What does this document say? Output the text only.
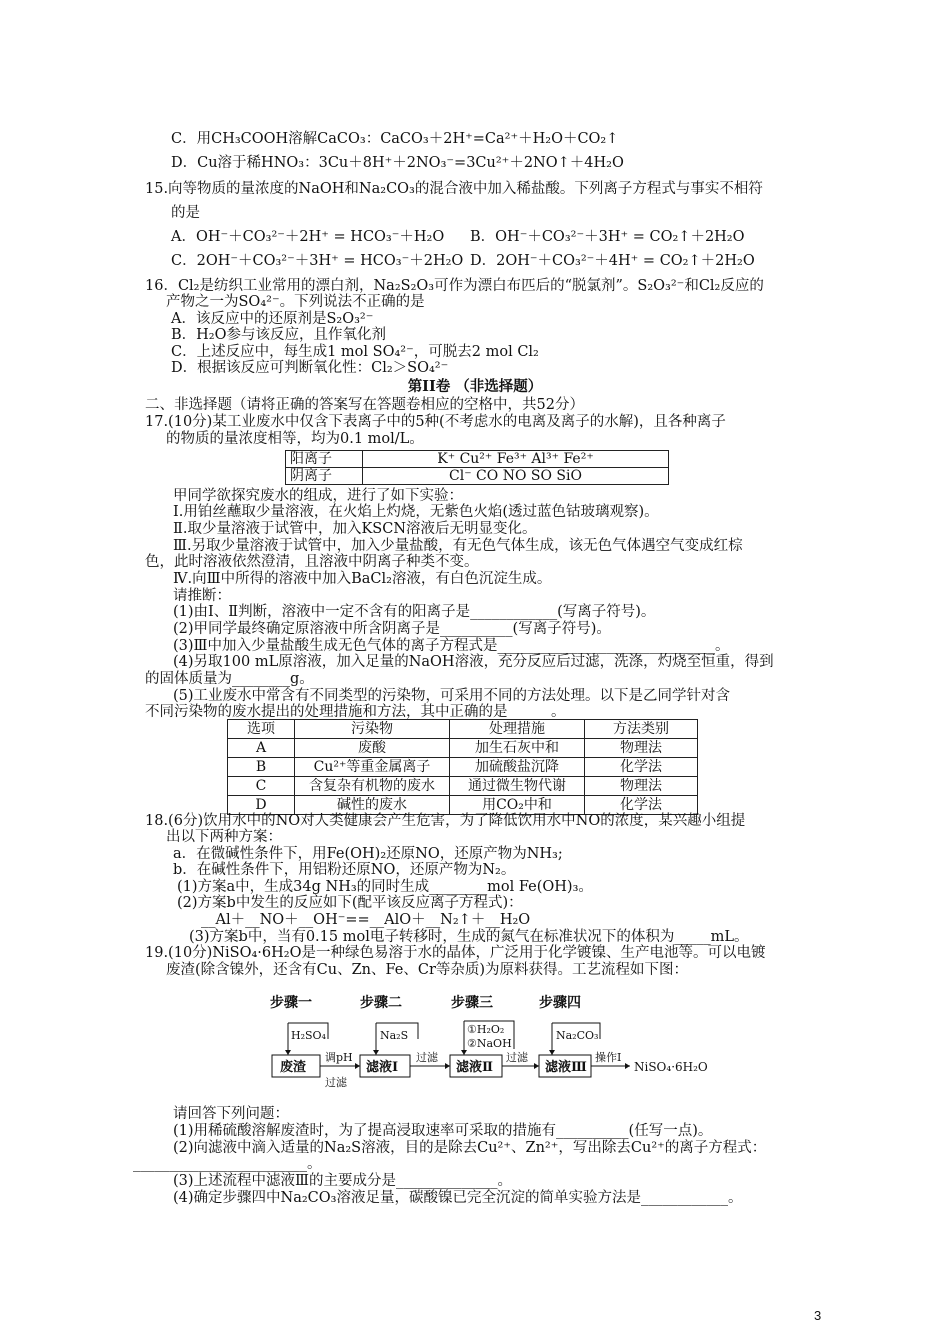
C．用CH₃COOH溶解CaCO₃：CaCO₃＋2H⁺=Ca²⁺＋H₂O＋CO₂↑
D．Cu溶于稀HNO₃：3Cu＋8H⁺＋2NO₃⁻=3Cu²⁺＋2NO↑＋4H₂O
15.向等物质的量浓度的NaOH和Na₂CO₃的混合液中加入稀盐酸。下列离子方程式与事实不相符
的是
A．OH⁻＋CO₃²⁻＋2H⁺ = HCO₃⁻＋H₂O B．OH⁻＋CO₃²⁻＋3H⁺ = CO₂↑＋2H₂O
C．2OH⁻＋CO₃²⁻＋3H⁺ = HCO₃⁻＋2H₂O D．2OH⁻＋CO₃²⁻＋4H⁺ = CO₂↑＋2H₂O
16．Cl₂是纺织工业常用的漂白剂，Na₂S₂O₃可作为漂白布匹后的“脱氯剂”。S₂O₃²⁻和Cl₂反应的
产物之一为SO₄²⁻。下列说法不正确的是
A．该反应中的还原剂是S₂O₃²⁻
B．H₂O参与该反应，且作氧化剂
C．上述反应中，每生成1 mol SO₄²⁻，可脱去2 mol Cl₂
D．根据该反应可判断氧化性：Cl₂＞SO₄²⁻
第II卷 （非选择题）
二、非选择题（请将正确的答案写在答题卷相应的空格中，共52分）
17.(10分)某工业废水中仅含下表离子中的5种(不考虑水的电离及离子的水解)，且各种离子
的物质的量浓度相等，均为0.1 mol/L。
阳离子	K⁺ Cu²⁺ Fe³⁺ Al³⁺ Fe²⁺
阴离子	Cl⁻ CO NO SO SiO
甲同学欲探究废水的组成，进行了如下实验：
Ⅰ.用铂丝蘸取少量溶液，在火焰上灼烧，无紫色火焰(透过蓝色钴玻璃观察)。
Ⅱ.取少量溶液于试管中，加入KSCN溶液后无明显变化。
Ⅲ.另取少量溶液于试管中，加入少量盐酸，有无色气体生成，该无色气体遇空气变成红棕
色，此时溶液依然澄清，且溶液中阴离子种类不变。
Ⅳ.向Ⅲ中所得的溶液中加入BaCl₂溶液，有白色沉淀生成。
请推断：
(1)由Ⅰ、Ⅱ判断，溶液中一定不含有的阳离子是____________(写离子符号)。
(2)甲同学最终确定原溶液中所含阴离子是__________(写离子符号)。
(3)Ⅲ中加入少量盐酸生成无色气体的离子方程式是______________________________。
(4)另取100 mL原溶液，加入足量的NaOH溶液，充分反应后过滤，洗涤，灼烧至恒重，得到
的固体质量为________g。
(5)工业废水中常含有不同类型的污染物，可采用不同的方法处理。以下是乙同学针对含
不同污染物的废水提出的处理措施和方法，其中正确的是______。
选项	污染物	处理措施	方法类别
A	废酸	加生石灰中和	物理法
B	Cu²⁺等重金属离子	加硫酸盐沉降	化学法
C	含复杂有机物的废水	通过微生物代谢	物理法
D	碱性的废水	用CO₂中和	化学法
18.(6分)饮用水中的NO对人类健康会产生危害，为了降低饮用水中NO的浓度，某兴趣小组提
出以下两种方案：
a．在微碱性条件下，用Fe(OH)₂还原NO，还原产物为NH₃;
b．在碱性条件下，用铝粉还原NO，还原产物为N₂。
(1)方案a中，生成34g NH₃的同时生成________mol Fe(OH)₃。
(2)方案b中发生的反应如下(配平该反应离子方程式)：
__Al＋__NO＋__OH⁻==__AlO＋__N₂↑＋__H₂O
(3)方案b中，当有0.15 mol电子转移时，生成的氮气在标准状况下的体积为_____mL。
19.(10分)NiSO₄·6H₂O是一种绿色易溶于水的晶体，广泛用于化学镀镍、生产电池等。可以电镀
废渣(除含镍外，还含有Cu、Zn、Fe、Cr等杂质)为原料获得。工艺流程如下图：
步骤一	步骤二	步骤三	步骤四
H₂SO₄	Na₂S	①H₂O₂
②NaOH
Na₂CO₃
调pH
过滤
过滤	过滤	操作Ⅰ
废渣	滤液Ⅰ	滤液Ⅱ	滤液Ⅲ	NiSO₄·6H₂O
请回答下列问题：
(1)用稀硫酸溶解废渣时，为了提高浸取速率可采取的措施有__________(任写一点)。
(2)向滤液中滴入适量的Na₂S溶液，目的是除去Cu²⁺、Zn²⁺，写出除去Cu²⁺的离子方程式：
________________________。
(3)上述流程中滤液Ⅲ的主要成分是______________。
(4)确定步骤四中Na₂CO₃溶液足量，碳酸镍已完全沉淀的简单实验方法是____________。
3
